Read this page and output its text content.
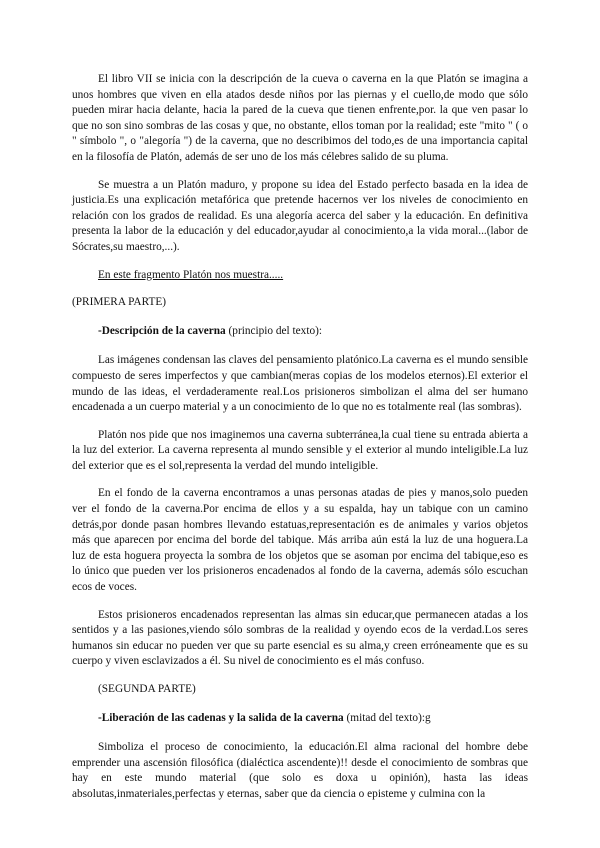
El libro VII se inicia con la descripción de la cueva o caverna en la que Platón se imagina a unos hombres que viven en ella atados desde niños por las piernas y el cuello,de modo que sólo pueden mirar hacia delante, hacia la pared de la cueva que tienen enfrente,por. la que ven pasar lo que no son sino sombras de las cosas y que, no obstante, ellos toman por la realidad; este "mito " ( o " símbolo ", o "alegoría ") de la caverna, que no describimos del todo,es de una importancia capital en la filosofía de Platón, además de ser uno de los más célebres salido de su pluma.

Se muestra a un Platón maduro, y propone su idea del Estado perfecto basada en la idea de justicia.Es una explicación metafórica que pretende hacernos ver los niveles de conocimiento en relación con los grados de realidad. Es una alegoría acerca del saber y la educación. En definitiva presenta la labor de la educación y del educador,ayudar al conocimiento,a la vida moral...(labor de Sócrates,su maestro,...).

En este fragmento Platón nos muestra.....

(PRIMERA PARTE)

-Descripción de la caverna (principio del texto):

Las imágenes condensan las claves del pensamiento platónico.La caverna es el mundo sensible compuesto de seres imperfectos y que cambian(meras copias de los modelos eternos).El exterior el mundo de las ideas, el verdaderamente real.Los prisioneros simbolizan el alma del ser humano encadenada a un cuerpo material y a un conocimiento de lo que no es totalmente real (las sombras).

Platón nos pide que nos imaginemos una caverna subterránea,la cual tiene su entrada abierta a la luz del exterior. La caverna representa al mundo sensible y el exterior al mundo inteligible.La luz del exterior que es el sol,representa la verdad del mundo inteligible.

En el fondo de la caverna encontramos a unas personas atadas de pies y manos,solo pueden ver el fondo de la caverna.Por encima de ellos y a su espalda, hay un tabique con un camino detrás,por donde pasan hombres llevando estatuas,representación es de animales y varios objetos más que aparecen por encima del borde del tabique. Más arriba aún está la luz de una hoguera.La luz de esta hoguera proyecta la sombra de los objetos que se asoman por encima del tabique,eso es lo único que pueden ver los prisioneros encadenados al fondo de la caverna, además sólo escuchan ecos de voces.

Estos prisioneros encadenados representan las almas sin educar,que permanecen atadas a los sentidos y a las pasiones,viendo sólo sombras de la realidad y oyendo ecos de la verdad.Los seres humanos sin educar no pueden ver que su parte esencial es su alma,y creen erróneamente que es su cuerpo y viven esclavizados a él. Su nivel de conocimiento es el más confuso.

(SEGUNDA PARTE)

-Liberación de las cadenas y la salida de la caverna (mitad del texto):g

Simboliza el proceso de conocimiento, la educación.El alma racional del hombre debe emprender una ascensión filosófica (dialéctica ascendente)!! desde el conocimiento de sombras que hay en este mundo material (que solo es doxa u opinión), hasta las ideas absolutas,inmateriales,perfectas y eternas, saber que da ciencia o episteme y culmina con la
